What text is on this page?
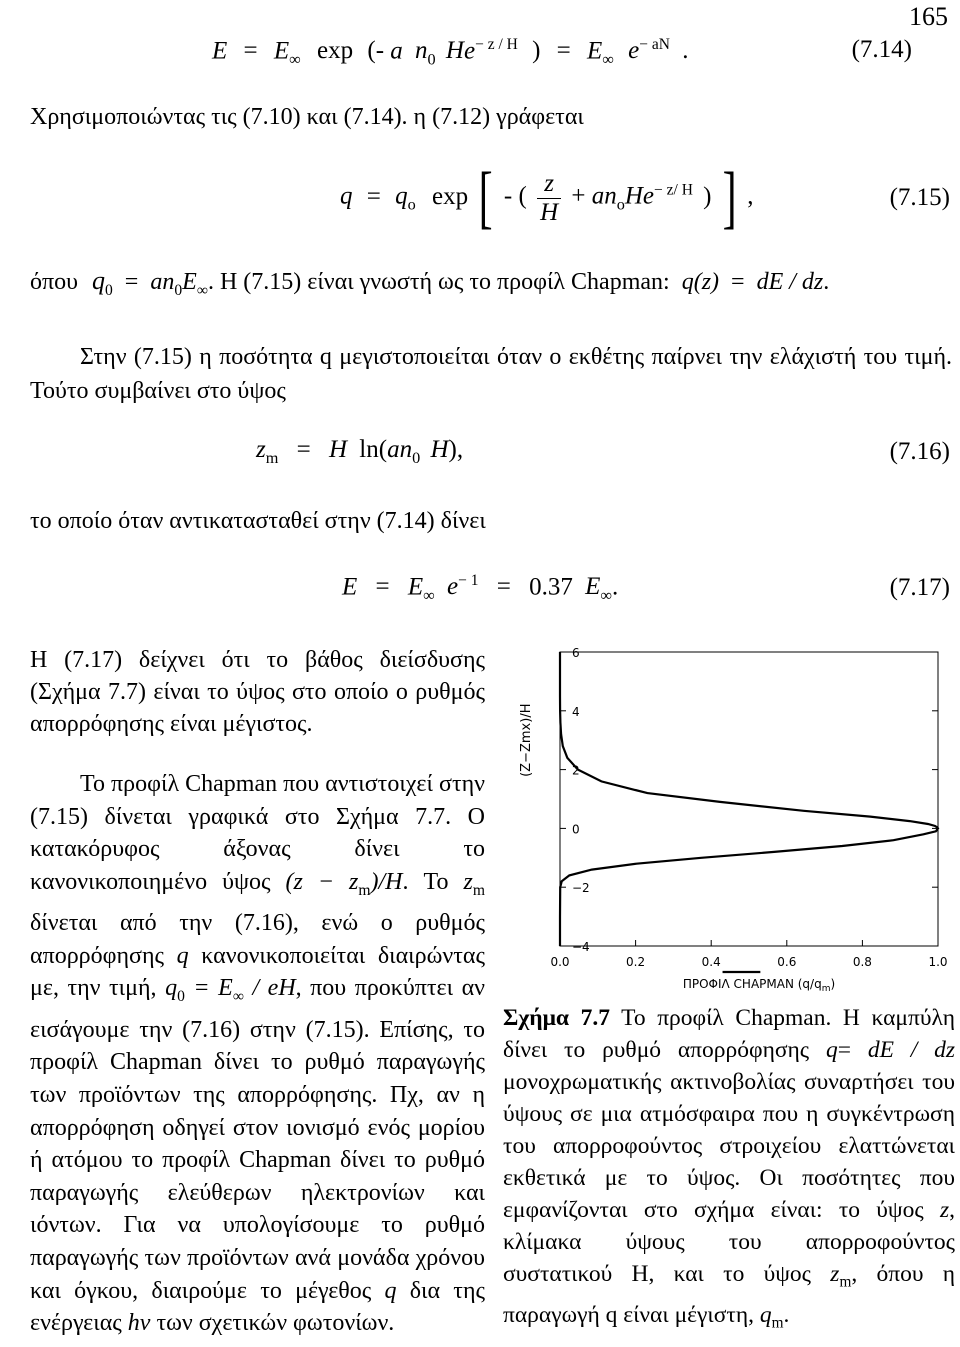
165
$E = E_\infty$ exp (- a $n_0$ $He^{- z / H}$ ) = $E_\infty$ $e^{- aN}$ .	(7.14)
Χρησιμοποιώντας τις (7.10) και (7.14). η (7.12) γράφεται
$q = q_o$ exp [ - ( $\frac{z}{H} + an_oHe^{- z/ H}$ ) ] ,	(7.15)
όπου $q_0 = an_0E_\infty$. Η (7.15) είναι γνωστή ως το προφίλ Chapman: q(z) = dE / dz.
Στην (7.15) η ποσότητα q μεγιστοποιείται όταν ο εκθέτης παίρνει την ελάχιστή του τιμή. Τούτο συμβαίνει στο ύψος
$z_m = H$ $\ln(an_0$ H),	(7.16)
το οποίο όταν αντικατασταθεί στην (7.14) δίνει
$E = E_\infty$ $e^{- 1} = 0.37$ $E_\infty$.	(7.17)
Η (7.17) δείχνει ότι το βάθος διείσδυσης (Σχήμα 7.7) είναι το ύψος στο οποίο ο ρυθμός απορρόφησης είναι μέγιστος.
Το προφίλ Chapman που αντιστοιχεί στην (7.15) δίνεται γραφικά στο Σχήμα 7.7. Ο κατακόρυφος άξονας δίνει το κανονικοποιημένο ύψος $(z - z_m)/H$. Το $z_m$ δίνεται από την (7.16), ενώ ο ρυθμός απορρόφησης q κανονικοποιείται διαιρώντας με, την τιμή, $q_0 = E_\infty$ / eH, που προκύπτει αν εισάγουμε την (7.16) στην (7.15). Επίσης, το προφίλ Chapman δίνει το ρυθμό παραγωγής των προϊόντων της απορρόφησης. Πχ, αν η απορρόφηση οδηγεί στον ιονισμό ενός μορίου ή ατόμου το προφίλ Chapman δίνει το ρυθμό παραγωγής ελεύθερων ηλεκτρονίων και ιόντων. Για να υπολογίσουμε το ρυθμό παραγωγής των προϊόντων ανά μονάδα χρόνου και όγκου, διαιρούμε το μέγεθος q δια της ενέργειας hv των σχετικών φωτονίων.
6
4
2
0
−2
−4
0.0	0.2	0.4	0.6	0.8	1.0
(Z−Zmx)/H
ΠΡΟΦΙΛ CHAPMAN $(q/q_m)$
Σχήμα 7.7 Το προφίλ Chapman. Η καμπύλη δίνει το ρυθμό απορρόφησης q= dE / dz μονοχρωματικής ακτινοβολίας συναρτήσει του ύψους σε μια ατμόσφαιρα που η συγκέντρωση του απορροφούντος στροιχείου ελαττώνεται εκθετικά με το ύψος. Οι ποσότητες που εμφανίζονται στο σχήμα είναι: το ύψος z, κλίμακα ύψους του απορροφούντος συστατικού Η, και το ύψος $z_m$, όπου η παραγωγή q είναι μέγιστη, $q_m$.
